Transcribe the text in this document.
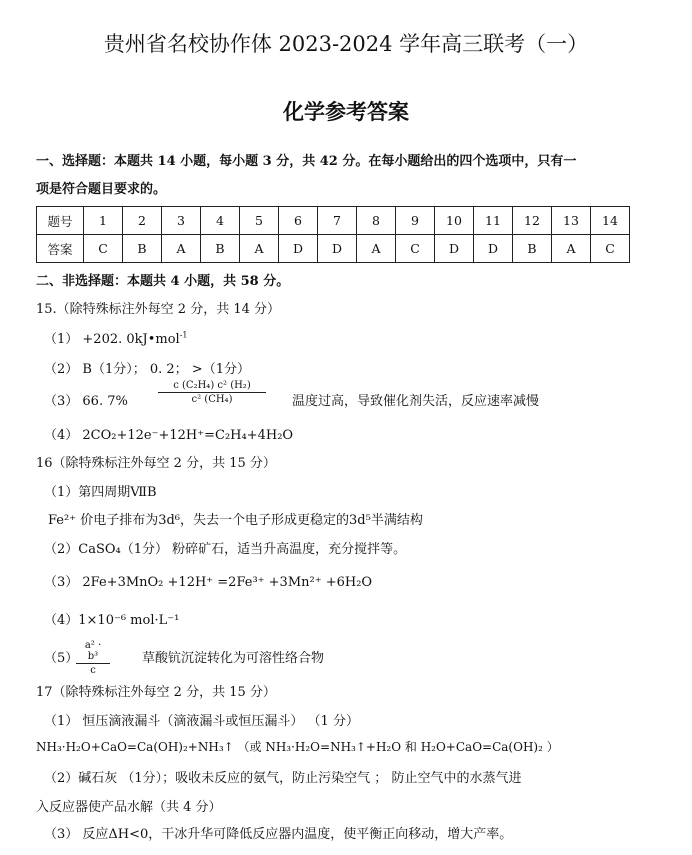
贵州省名校协作体 2023-2024 学年高三联考（一）
化学参考答案
一、选择题：本题共 14 小题，每小题 3 分，共 42 分。在每小题给出的四个选项中，只有一
项是符合题目要求的。
题号	1	2	3	4	5	6	7	8	9	10	11	12	13	14
答案	C	B	A	B	A	D	D	A	C	D	D	B	A	C
二、非选择题：本题共 4 小题，共 58 分。
15.（除特殊标注外每空 2 分，共 14 分）
（1） +202. 0kJ•mol$^{-1}$
（2） B（1分）； 0. 2； >（1分）
（3） 66. 7%	$\frac{\text{c (C₂H₄) c² (H₂)}}{\text{c² (CH₄)}}$ 温度过高，导致催化剂失活，反应速率减慢
（4） 2CO₂+12e⁻+12H⁺=C₂H₄+4H₂O
16（除特殊标注外每空 2 分，共 15 分）
（1）第四周期ⅦB
Fe²⁺ 价电子排布为3d⁶，失去一个电子形成更稳定的3d⁵半满结构
（2）CaSO₄（1分） 粉碎矿石，适当升高温度，充分搅拌等。
（3） 2Fe+3MnO₂ +12H⁺ =2Fe³⁺ +3Mn²⁺ +6H₂O
（4）1×10⁻⁶ mol·L⁻¹
（5）
$\frac{\text{a² · b³}}{c}$ 草酸钪沉淀转化为可溶性络合物
17（除特殊标注外每空 2 分，共 15 分）
（1） 恒压滴液漏斗（滴液漏斗或恒压漏斗） （1 分）
NH₃·H₂O+CaO=Ca(OH)₂+NH₃↑ （或 NH₃·H₂O=NH₃↑+H₂O 和 H₂O+CaO=Ca(OH)₂ ）
（2）碱石灰 （1分）；吸收未反应的氨气，防止污染空气 ； 防止空气中的水蒸气进
入反应器使产品水解（共 4 分）
（3） 反应ΔH<0，干冰升华可降低反应器内温度，使平衡正向移动，增大产率。
